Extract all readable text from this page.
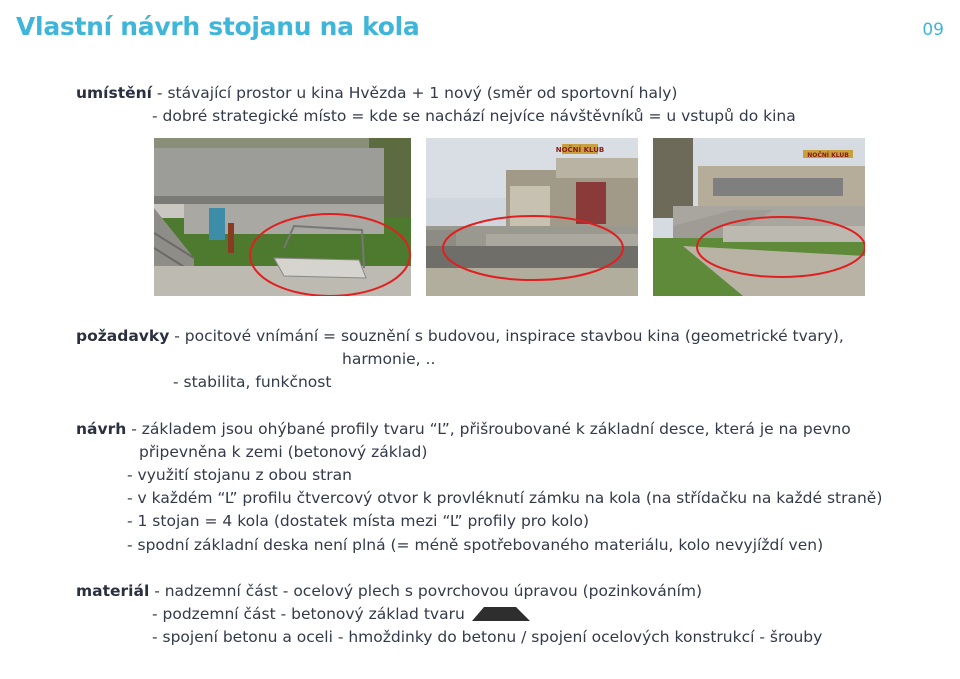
Vlastní návrh stojanu na kola	09
umístění - stávající prostor u kina Hvězda + 1 nový (směr od sportovní haly)
- dobré strategické místo = kde se nachází nejvíce návštěvníků = u vstupů do kina
NOČNÍ KLUB
NOČNÍ KLUB
požadavky - pocitové vnímání = souznění s budovou, inspirace stavbou kina (geometrické tvary),
harmonie, ..
- stabilita, funkčnost
návrh - základem jsou ohýbané profily tvaru “L”, přišroubované k základní desce, která je na pevno
připevněna k zemi (betonový základ)
- využití stojanu z obou stran
- v každém “L” profilu čtvercový otvor k provléknutí zámku na kola (na střídačku na každé straně)
- 1 stojan = 4 kola (dostatek místa mezi “L” profily pro kolo)
- spodní základní deska není plná (= méně spotřebovaného materiálu, kolo nevyjíždí ven)
materiál - nadzemní část - ocelový plech s povrchovou úpravou (pozinkováním)
- podzemní část - betonový základ tvaru
- spojení betonu a oceli - hmoždinky do betonu / spojení ocelových konstrukcí - šrouby
